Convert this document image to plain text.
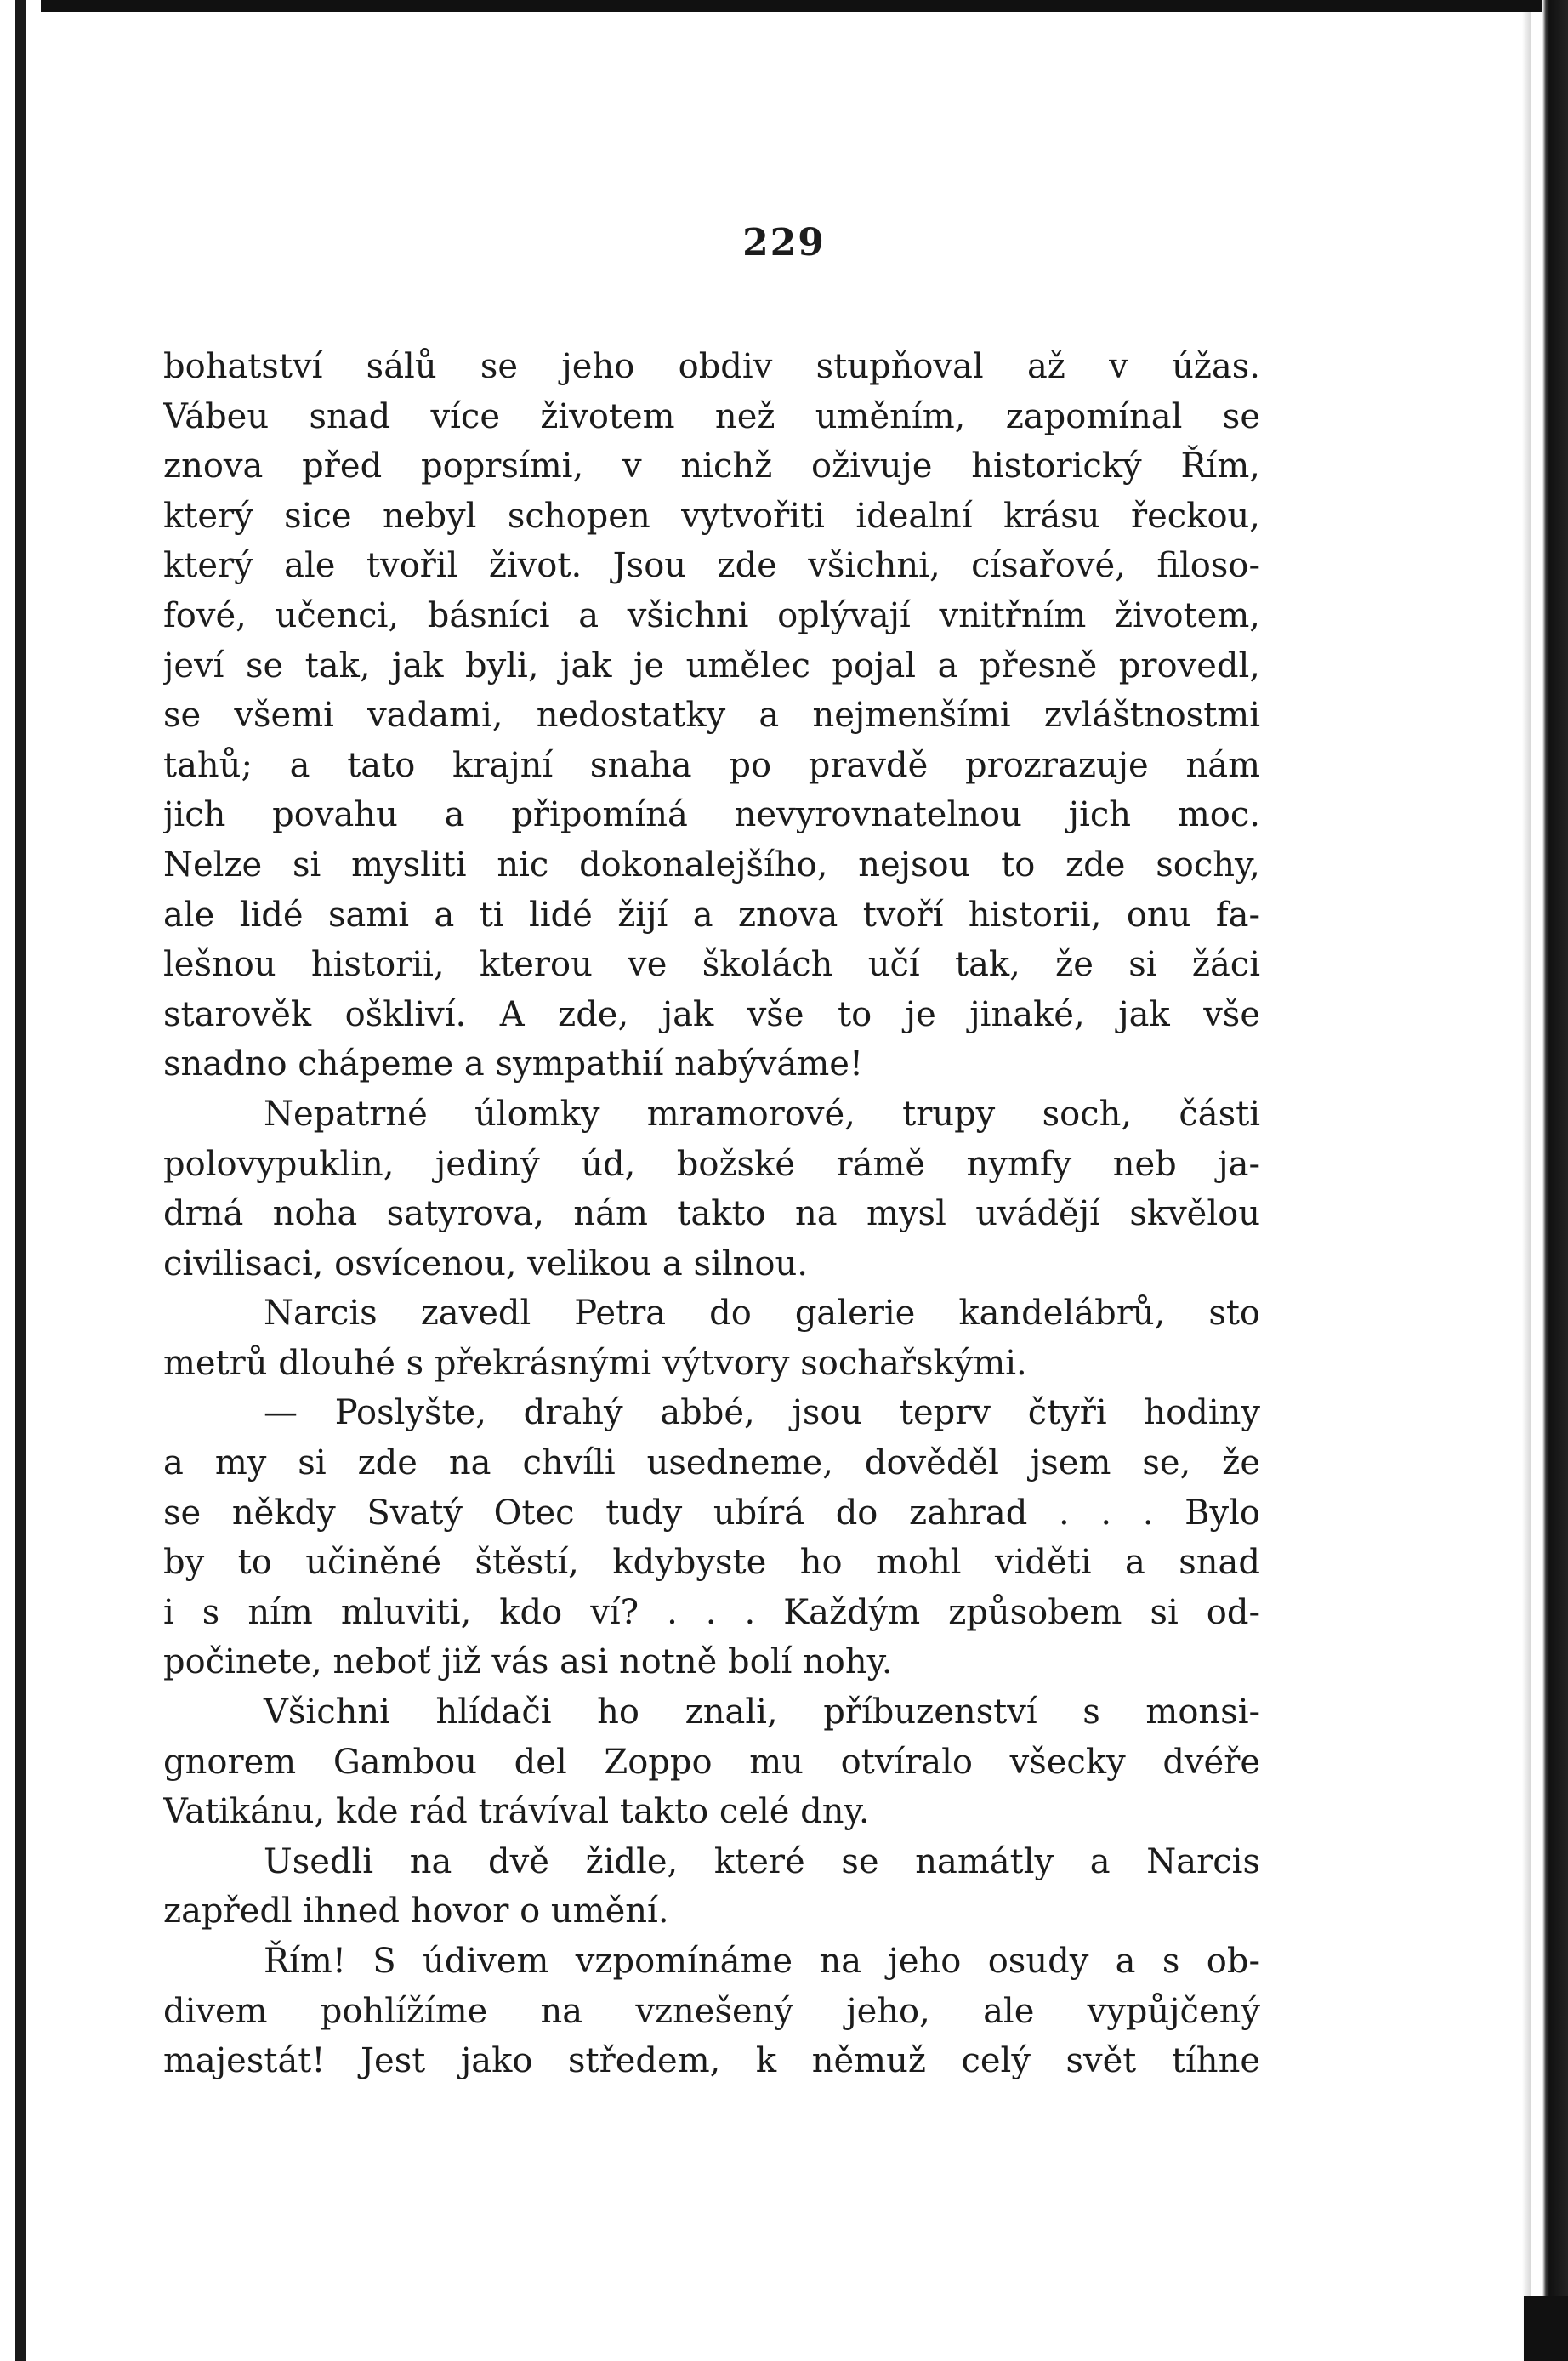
229
bohatství sálů se jeho obdiv stupňoval až v úžas.
Vábeu snad více životem než uměním, zapomínal se
znova před poprsími, v nichž oživuje historický Řím,
který sice nebyl schopen vytvořiti idealní krásu řeckou,
který ale tvořil život. Jsou zde všichni, císařové, filoso-
fové, učenci, básníci a všichni oplývají vnitřním životem,
jeví se tak, jak byli, jak je umělec pojal a přesně provedl,
se všemi vadami, nedostatky a nejmenšími zvláštnostmi
tahů; a tato krajní snaha po pravdě prozrazuje nám
jich povahu a připomíná nevyrovnatelnou jich moc.
Nelze si mysliti nic dokonalejšího, nejsou to zde sochy,
ale lidé sami a ti lidé žijí a znova tvoří historii, onu fa-
lešnou historii, kterou ve školách učí tak, že si žáci
starověk oškliví. A zde, jak vše to je jinaké, jak vše
snadno chápeme a sympathií nabýváme!
Nepatrné úlomky mramorové, trupy soch, části
polovypuklin, jediný úd, božské rámě nymfy neb ja-
drná noha satyrova, nám takto na mysl uvádějí skvělou
civilisaci, osvícenou, velikou a silnou.
Narcis zavedl Petra do galerie kandelábrů, sto
metrů dlouhé s překrásnými výtvory sochařskými.
— Poslyšte, drahý abbé, jsou teprv čtyři hodiny
a my si zde na chvíli usedneme, dověděl jsem se, že
se někdy Svatý Otec tudy ubírá do zahrad . . . Bylo
by to učiněné štěstí, kdybyste ho mohl viděti a snad
i s ním mluviti, kdo ví? . . . Každým způsobem si od-
počinete, neboť již vás asi notně bolí nohy.
Všichni hlídači ho znali, příbuzenství s monsi-
gnorem Gambou del Zoppo mu otvíralo všecky dvéře
Vatikánu, kde rád trávíval takto celé dny.
Usedli na dvě židle, které se namátly a Narcis
zapředl ihned hovor o umění.
Řím! S údivem vzpomínáme na jeho osudy a s ob-
divem pohlížíme na vznešený jeho, ale vypůjčený
majestát! Jest jako středem, k němuž celý svět tíhne
